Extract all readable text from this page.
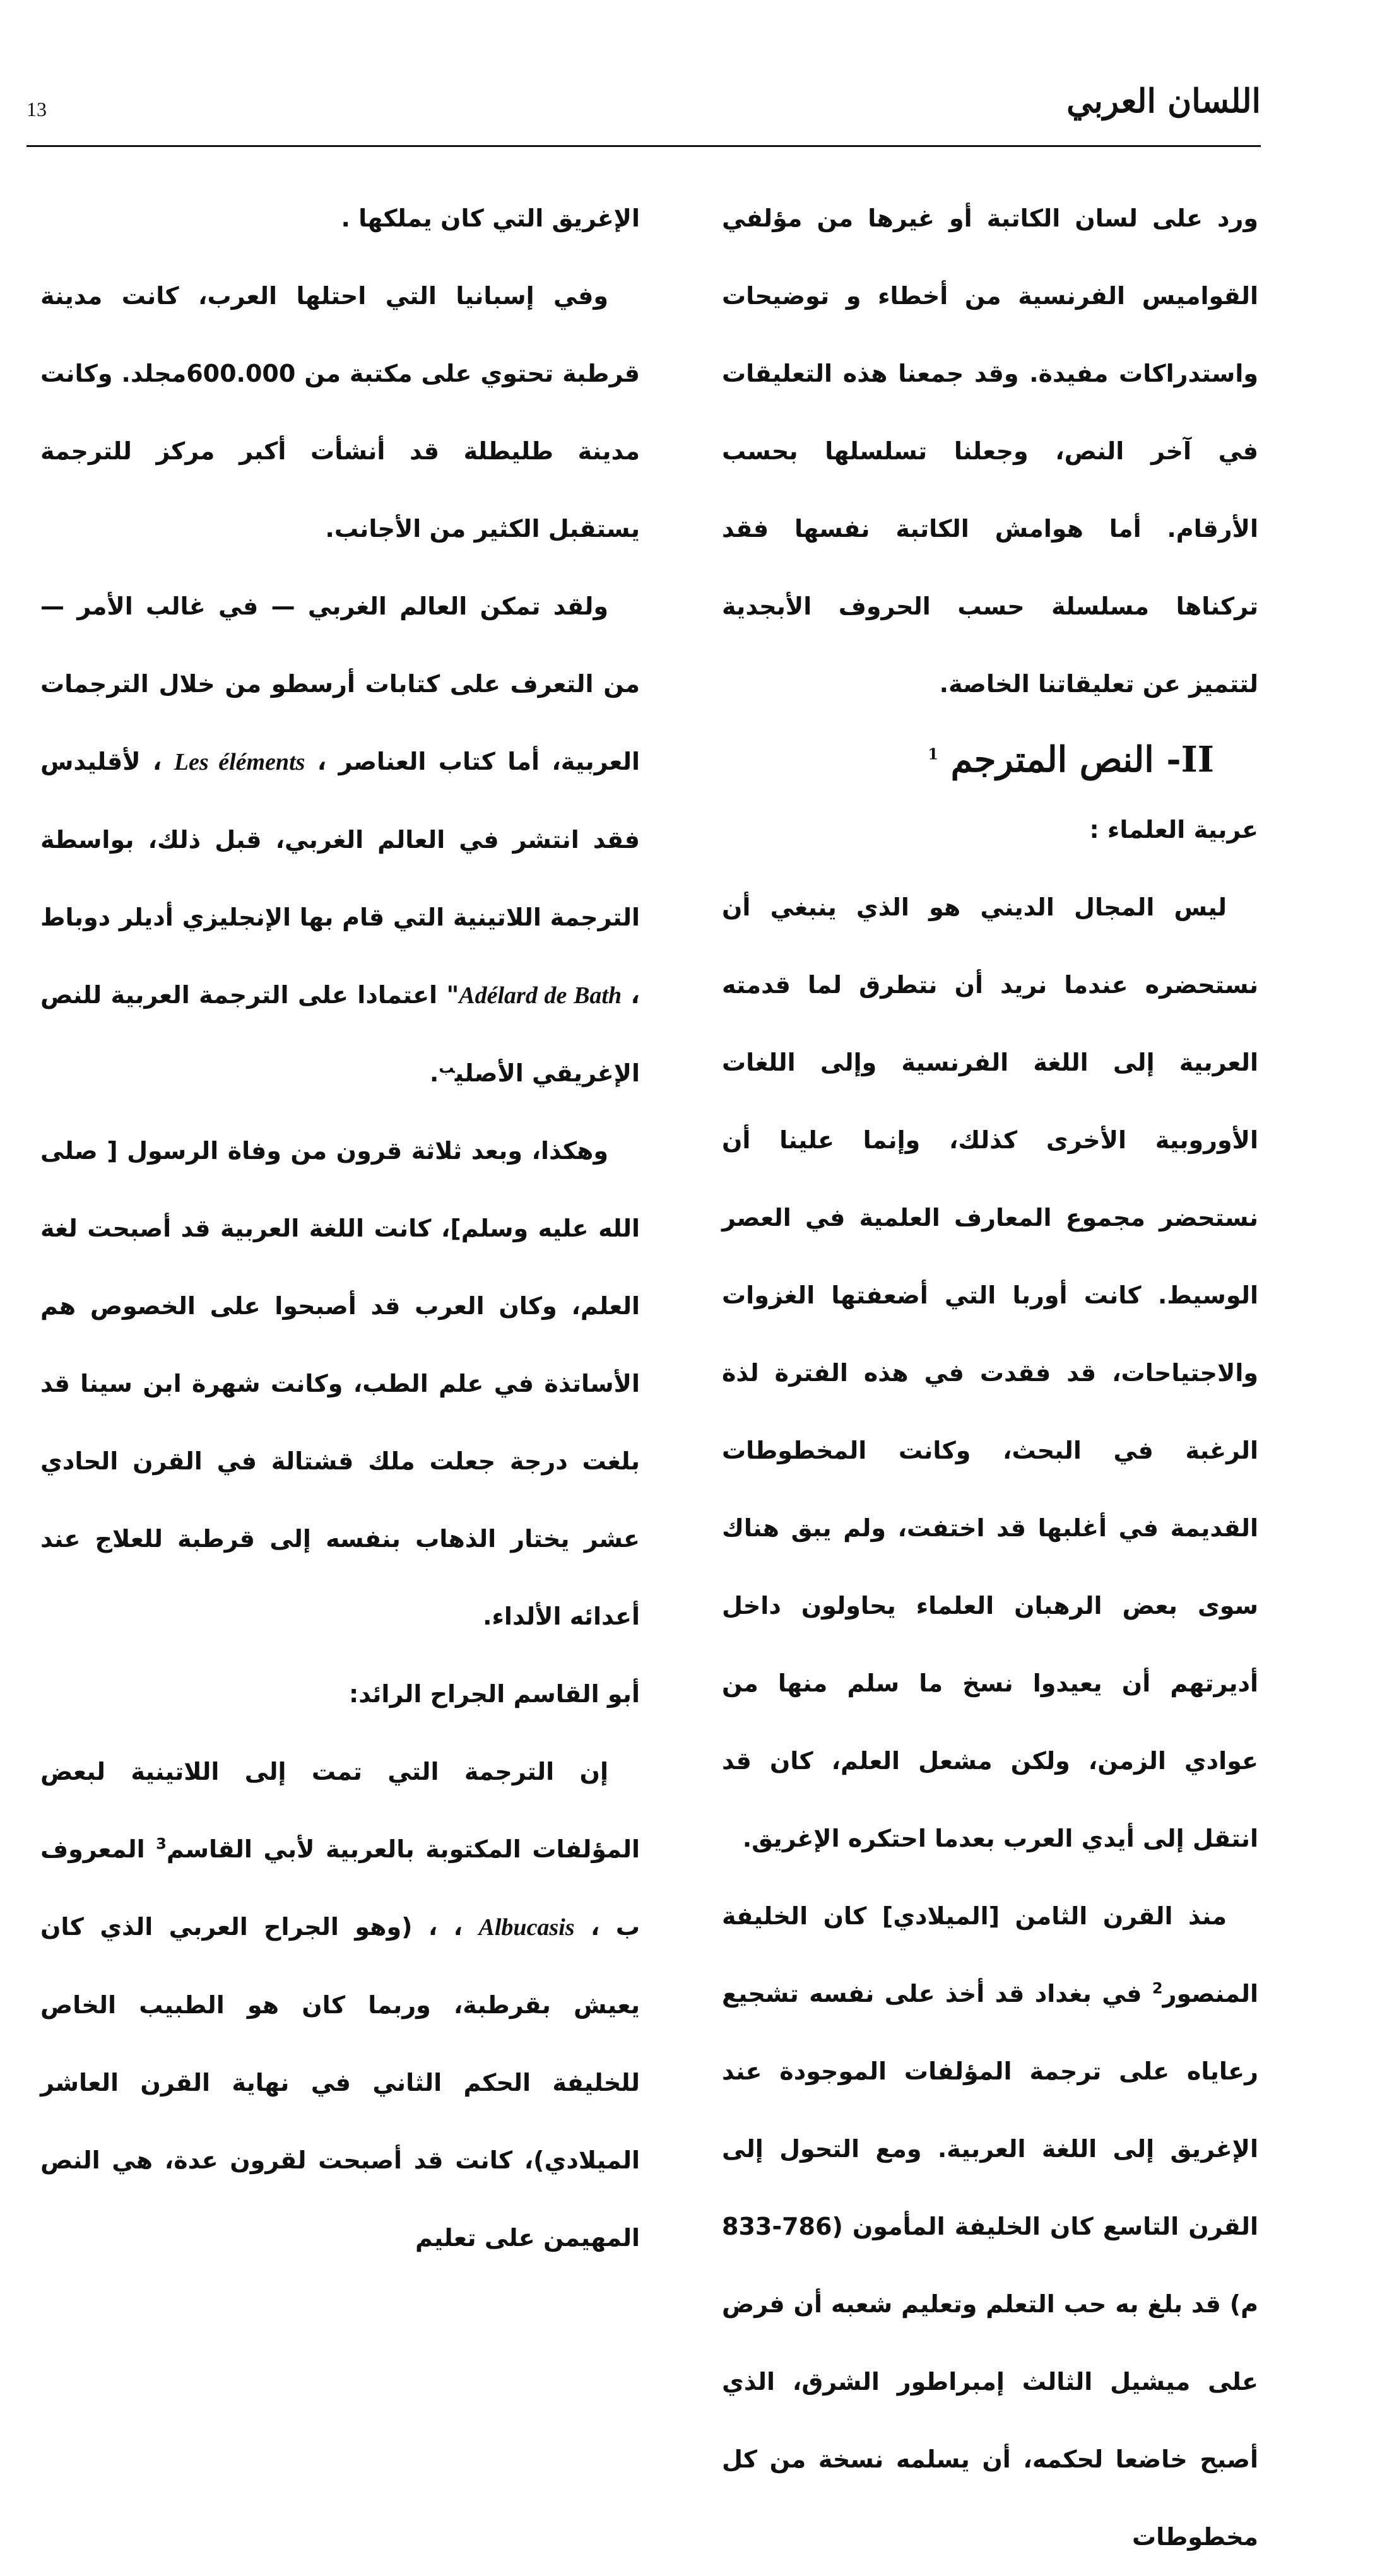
13	اللسان العربي

ورد على لسان الكاتبة أو غيرها من مؤلفي القواميس الفرنسية من أخطاء و توضيحات واستدراكات مفيدة. وقد جمعنا هذه التعليقات في آخر النص، وجعلنا تسلسلها بحسب الأرقام. أما هوامش الكاتبة نفسها فقد تركناها مسلسلة حسب الحروف الأبجدية لتتميز عن تعليقاتنا الخاصة.

II- النص المترجم $^1$

عربية العلماء :

ليس المجال الديني هو الذي ينبغي أن نستحضره عندما نريد أن نتطرق لما قدمته العربية إلى اللغة الفرنسية وإلى اللغات الأوروبية الأخرى كذلك، وإنما علينا أن نستحضر مجموع المعارف العلمية في العصر الوسيط. كانت أوربا التي أضعفتها الغزوات والاجتياحات، قد فقدت في هذه الفترة لذة الرغبة في البحث، وكانت المخطوطات القديمة في أغلبها قد اختفت، ولم يبق هناك سوى بعض الرهبان العلماء يحاولون داخل أديرتهم أن يعيدوا نسخ ما سلم منها من عوادي الزمن، ولكن مشعل العلم، كان قد انتقل إلى أيدي العرب بعدما احتكره الإغريق.

منذ القرن الثامن [الميلادي] كان الخليفة المنصور$^2$ في بغداد قد أخذ على نفسه تشجيع رعاياه على ترجمة المؤلفات الموجودة عند الإغريق إلى اللغة العربية. ومع التحول إلى القرن التاسع كان الخليفة المأمون (786-833 م) قد بلغ به حب التعلم وتعليم شعبه أن فرض على ميشيل الثالث إمبراطور الشرق، الذي أصبح خاضعا لحكمه، أن يسلمه نسخة من كل مخطوطات

الإغريق التي كان يملكها .

وفي إسبانيا التي احتلها العرب، كانت مدينة قرطبة تحتوي على مكتبة من 600.000مجلد. وكانت مدينة طليطلة قد أنشأت أكبر مركز للترجمة يستقبل الكثير من الأجانب.

ولقد تمكن العالم الغربي — في غالب الأمر — من التعرف على كتابات أرسطو من خلال الترجمات العربية، أما كتاب العناصر ، Les éléments ، لأقليدس فقد انتشر في العالم الغربي، قبل ذلك، بواسطة الترجمة اللاتينية التي قام بها الإنجليزي أديلر دوباط ، Adélard de Bath" اعتمادا على الترجمة العربية للنص الإغريقي الأصلي$^ب$.

وهكذا، وبعد ثلاثة قرون من وفاة الرسول [ صلى الله عليه وسلم]، كانت اللغة العربية قد أصبحت لغة العلم، وكان العرب قد أصبحوا على الخصوص هم الأساتذة في علم الطب، وكانت شهرة ابن سينا قد بلغت درجة جعلت ملك قشتالة في القرن الحادي عشر يختار الذهاب بنفسه إلى قرطبة للعلاج عند أعدائه الألداء.

أبو القاسم الجراح الرائد:

إن الترجمة التي تمت إلى اللاتينية لبعض المؤلفات المكتوبة بالعربية لأبي القاسم$^3$ المعروف ب ، Albucasis ، ، (وهو الجراح العربي الذي كان يعيش بقرطبة، وربما كان هو الطبيب الخاص للخليفة الحكم الثاني في نهاية القرن العاشر الميلادي)، كانت قد أصبحت لقرون عدة، هي النص المهيمن على تعليم
